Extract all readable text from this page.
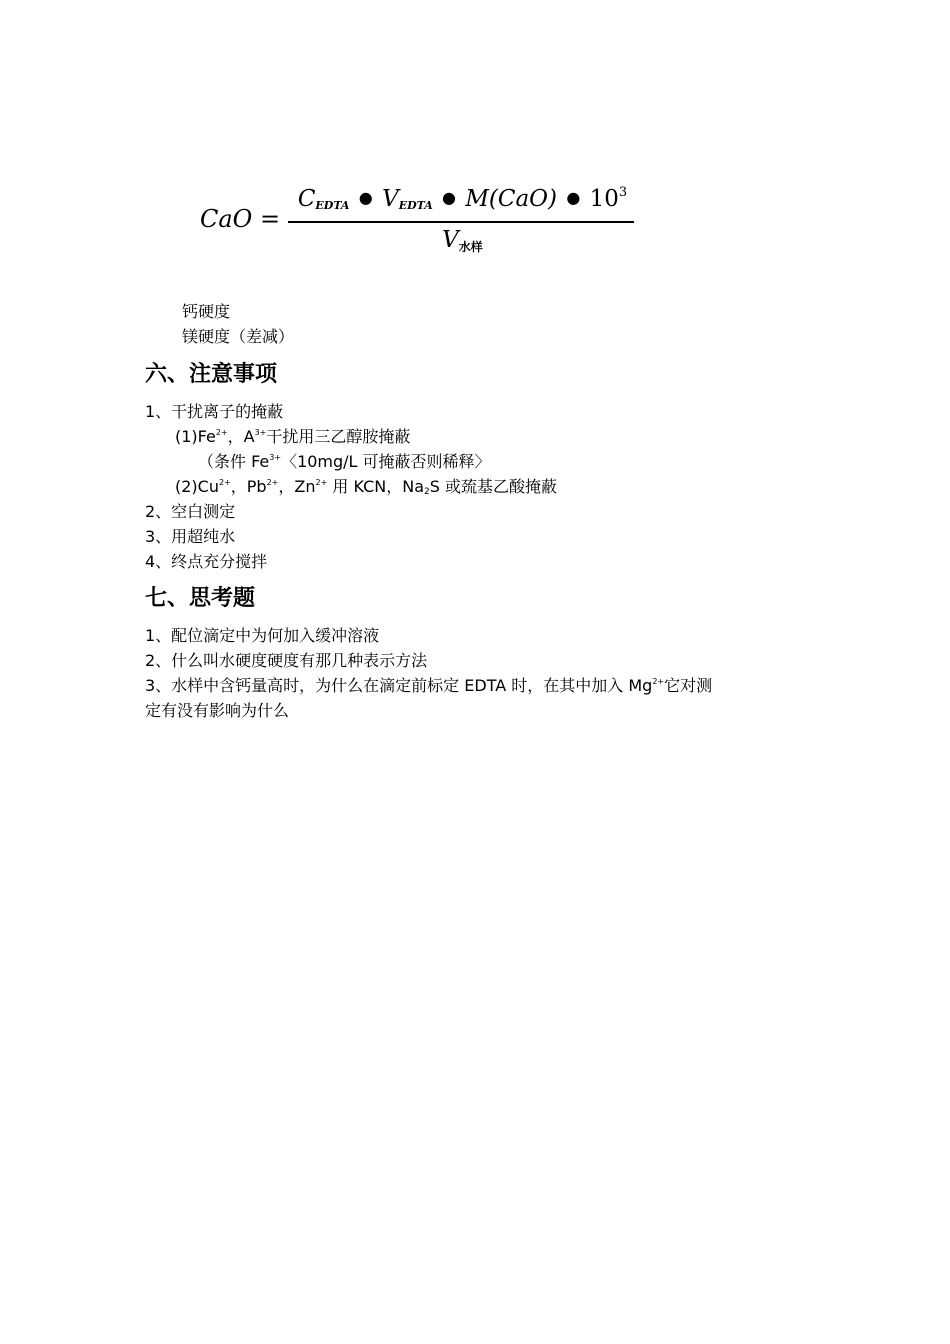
CaO =
$C_{EDTA}$ ● $V_{EDTA}$ ● M(CaO) ● $10^3$
V水样
钙硬度
镁硬度（差减）
六、注意事项
1、干扰离子的掩蔽
$(1)Fe^{2+}$，$A^{3+}$干扰用三乙醇胺掩蔽
（条件 $Fe^{3+}$〈10mg/L 可掩蔽否则稀释〉
$(2)Cu^{2+}$，$Pb^{2+}$，$Zn^{2+}$ 用 KCN，$Na_2S$ 或巯基乙酸掩蔽
2、空白测定
3、用超纯水
4、终点充分搅拌
七、思考题
1、配位滴定中为何加入缓冲溶液
2、什么叫水硬度硬度有那几种表示方法
3、水样中含钙量高时，为什么在滴定前标定 EDTA 时，在其中加入 $Mg^{2+}$它对测
定有没有影响为什么
